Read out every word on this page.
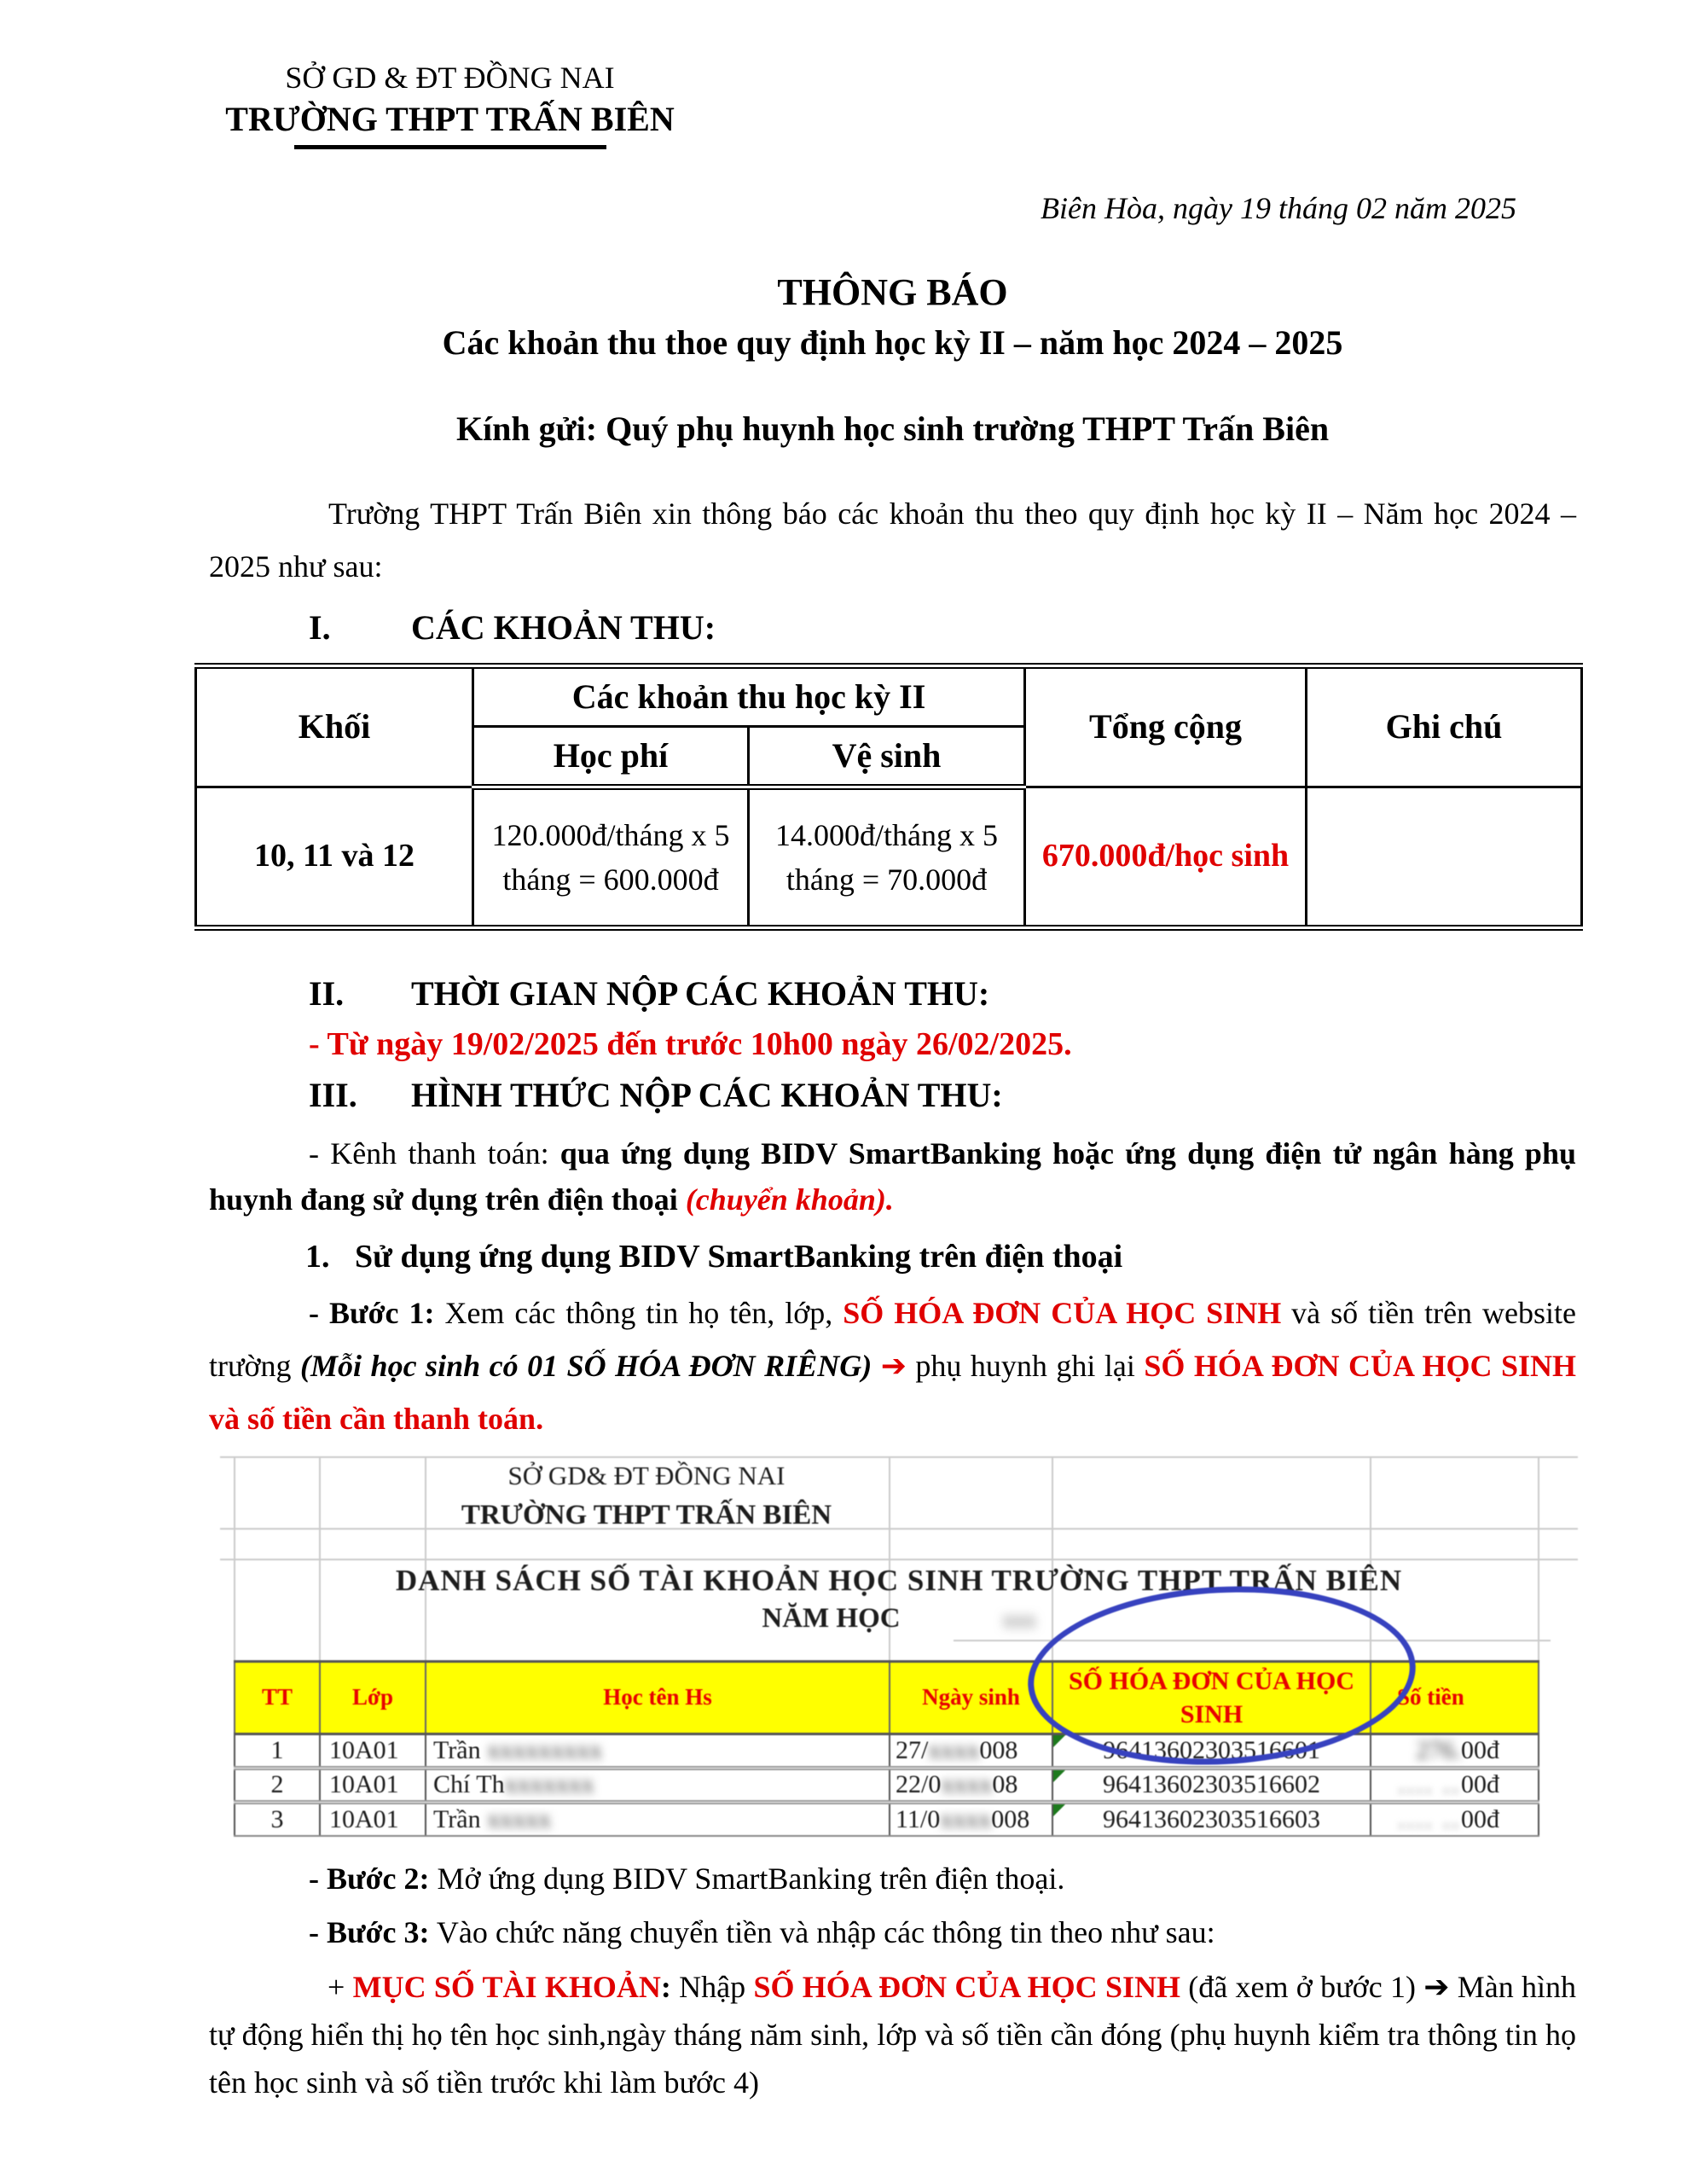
SỞ GD & ĐT ĐỒNG NAI
TRƯỜNG THPT TRẤN BIÊN
Biên Hòa, ngày 19 tháng 02 năm 2025
THÔNG BÁO
Các khoản thu thoe quy định học kỳ II – năm học 2024 – 2025
Kính gửi: Quý phụ huynh học sinh trường THPT Trấn Biên

Trường THPT Trấn Biên xin thông báo các khoản thu theo quy định học kỳ II – Năm học 2024 – 2025 như sau:

I. CÁC KHOẢN THU:
Khối	Các khoản thu học kỳ II		Tổng cộng	Ghi chú
	Học phí	Vệ sinh		
10, 11 và 12	120.000đ/tháng x 5 tháng = 600.000đ	14.000đ/tháng x 5 tháng = 70.000đ	670.000đ/học sinh	
II. THỜI GIAN NỘP CÁC KHOẢN THU:
- Từ ngày 19/02/2025 đến trước 10h00 ngày 26/02/2025.
III. HÌNH THỨC NỘP CÁC KHOẢN THU:

- Kênh thanh toán: qua ứng dụng BIDV SmartBanking hoặc ứng dụng điện tử ngân hàng phụ huynh đang sử dụng trên điện thoại (chuyển khoản).

1. Sử dụng ứng dụng BIDV SmartBanking trên điện thoại

- Bước 1: Xem các thông tin họ tên, lớp, SỐ HÓA ĐƠN CỦA HỌC SINH và số tiền trên website trường (Mỗi học sinh có 01 SỐ HÓA ĐƠN RIÊNG) ➔ phụ huynh ghi lại SỐ HÓA ĐƠN CỦA HỌC SINH và số tiền cần thanh toán.

SỞ GD& ĐT ĐỒNG NAI
TRƯỜNG THPT TRẤN BIÊN
DANH SÁCH SỐ TÀI KHOẢN HỌC SINH TRƯỜNG THPT TRẤN BIÊN
NĂM HỌC	xxx
TT	Lớp	Học tên Hs	Ngày sinh	SỐ HÓA ĐƠN CỦA HỌC SINH	Số tiền
1	10A01	Trần xxxxxxxxx	27/xxxx008	96413602303516601	276.00đ
2	10A01	Chí Thxxxxxxx	22/0xxxx08	96413602303516602	.... ..00đ
3	10A01	Trần xxxxx	11/0xxxx008	96413602303516603	.... ..00đ

- Bước 2: Mở ứng dụng BIDV SmartBanking trên điện thoại.

- Bước 3: Vào chức năng chuyển tiền và nhập các thông tin theo như sau:

+ MỤC SỐ TÀI KHOẢN: Nhập SỐ HÓA ĐƠN CỦA HỌC SINH (đã xem ở bước 1) ➔ Màn hình tự động hiển thị họ tên học sinh,ngày tháng năm sinh, lớp và số tiền cần đóng (phụ huynh kiểm tra thông tin họ tên học sinh và số tiền trước khi làm bước 4)
